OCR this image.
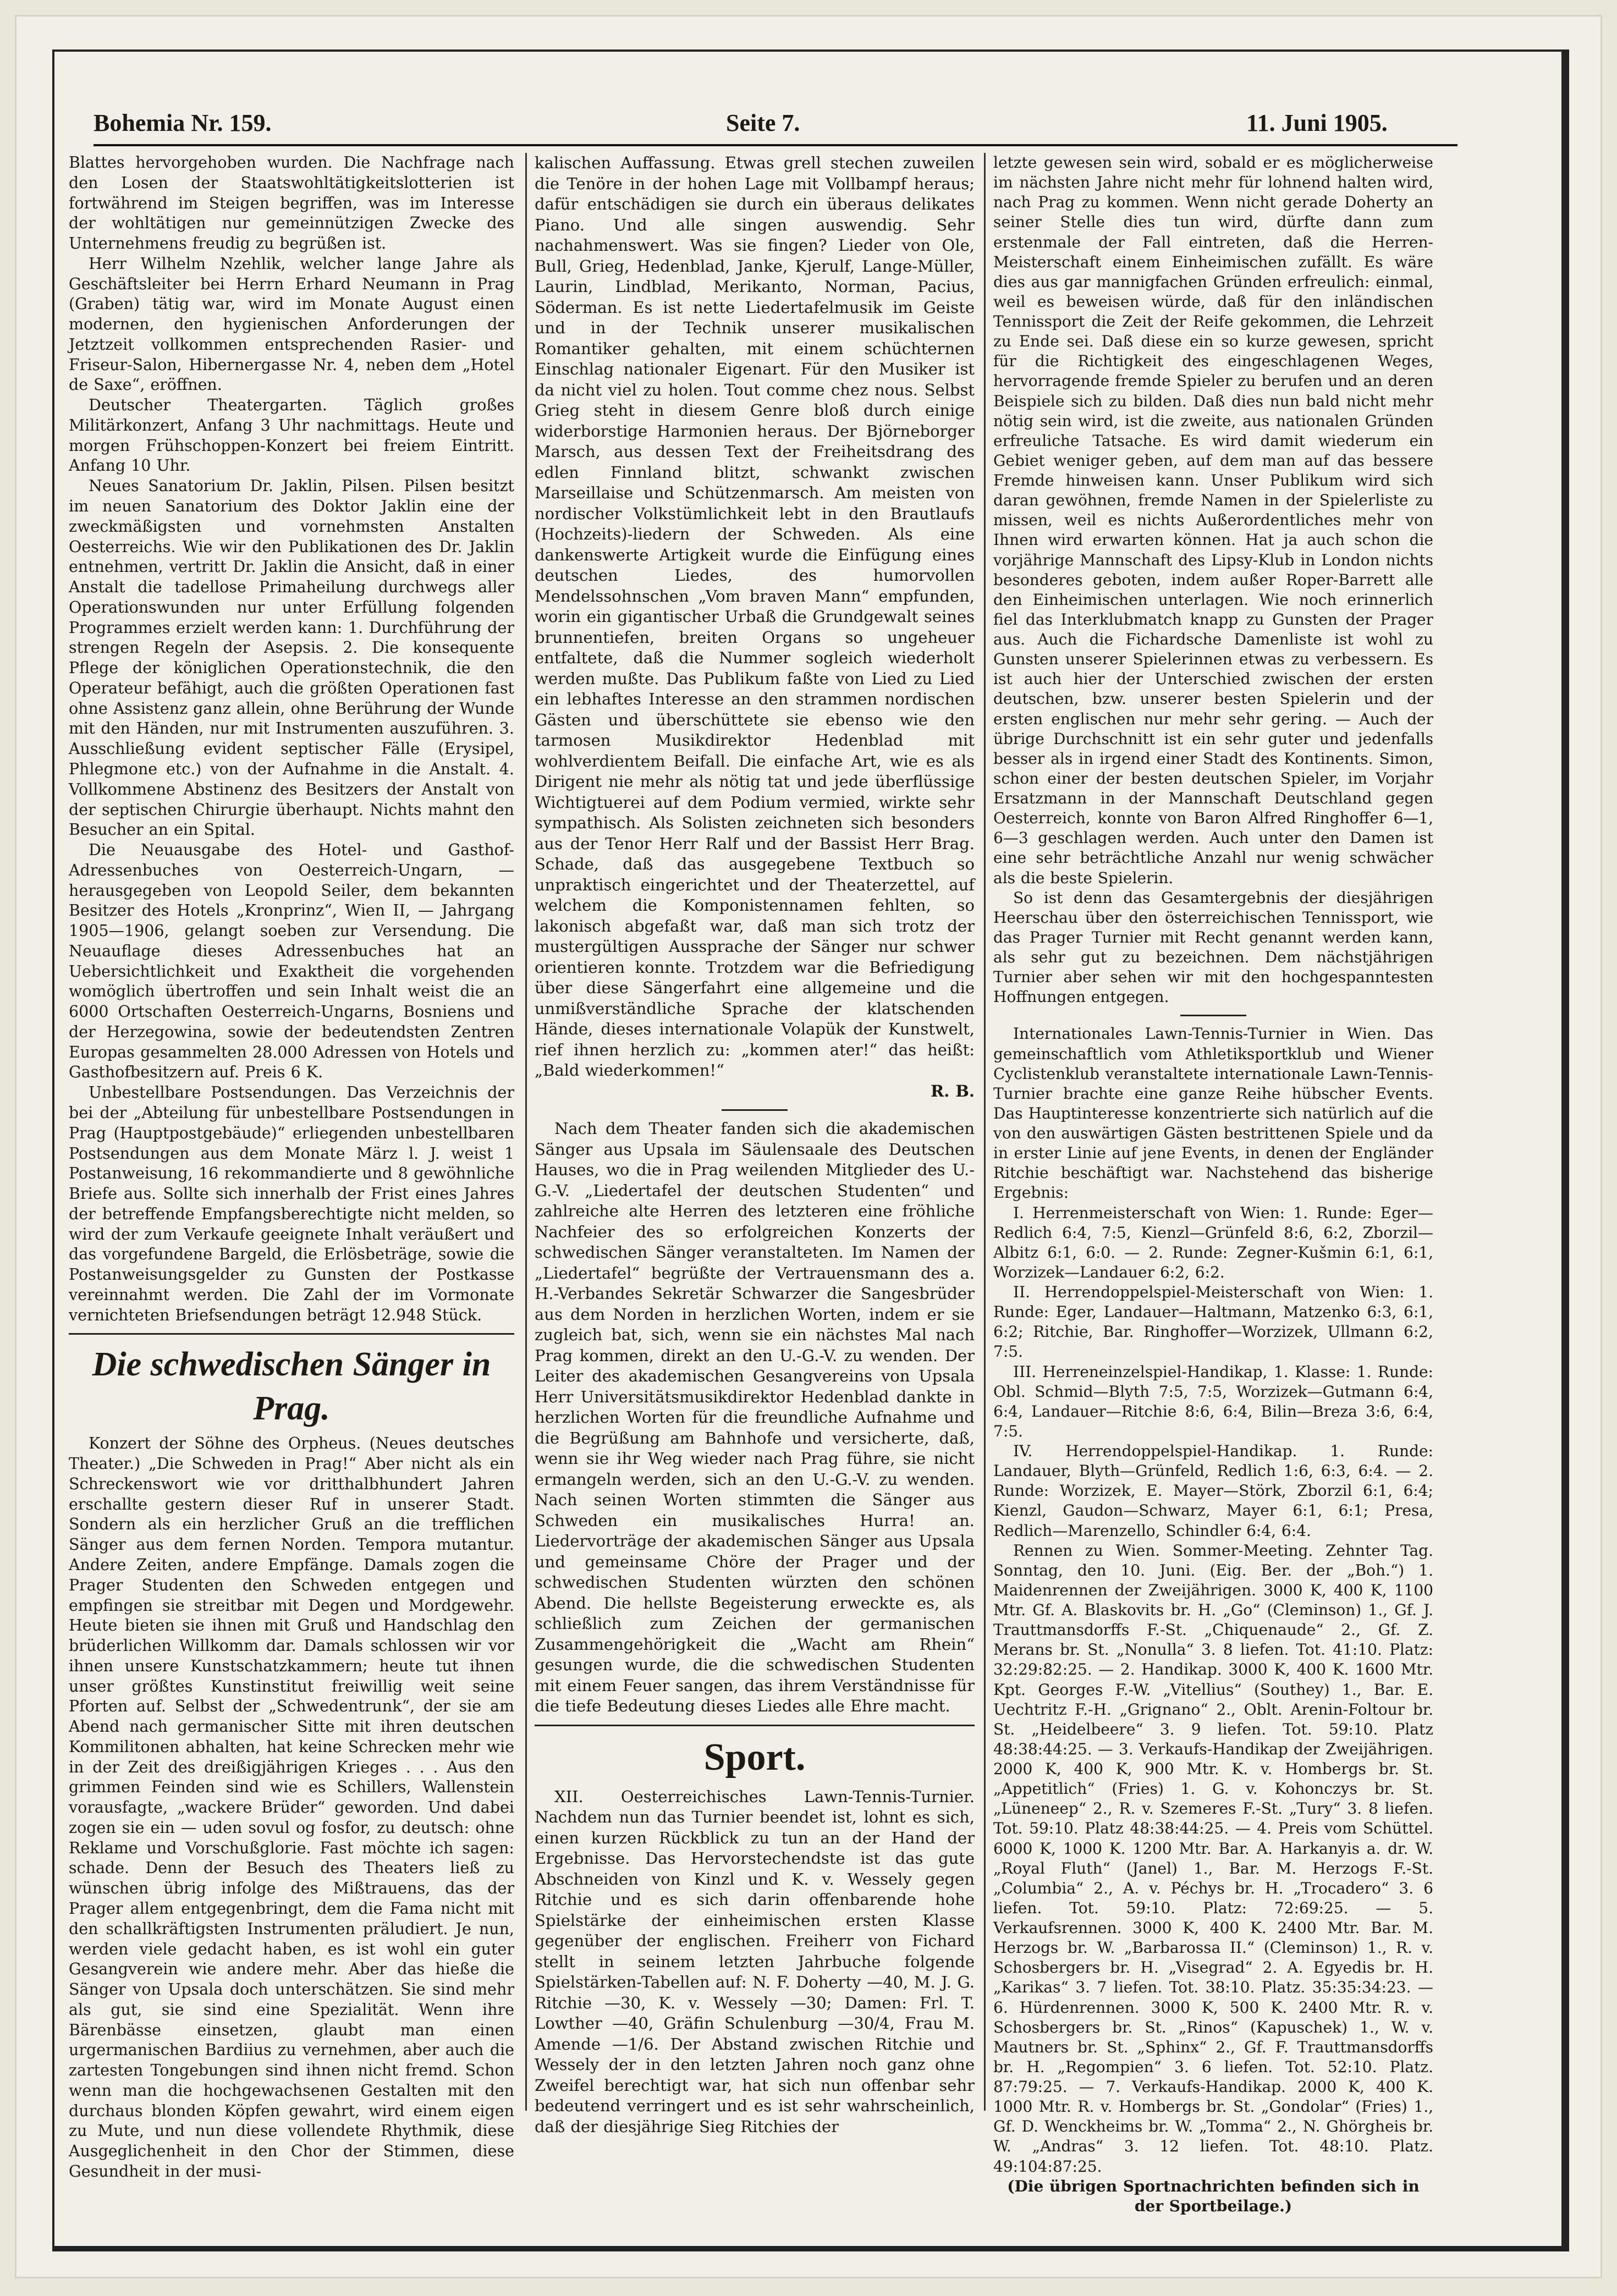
Bohemia Nr. 159.	Seite 7.	11. Juni 1905.

Blattes hervorgehoben wurden. Die Nachfrage nach den Losen der Staatswohltätigkeitslotterien ist fortwährend im Steigen begriffen, was im Interesse der wohltätigen nur gemeinnützigen Zwecke des Unternehmens freudig zu begrüßen ist.

Herr Wilhelm Nzehlik, welcher lange Jahre als Geschäftsleiter bei Herrn Erhard Neumann in Prag (Graben) tätig war, wird im Monate August einen modernen, den hygienischen Anforderungen der Jetztzeit vollkommen entsprechenden Rasier- und Friseur-Salon, Hibernergasse Nr. 4, neben dem „Hotel de Saxe“, eröffnen.

Deutscher Theatergarten. Täglich großes Militärkonzert, Anfang 3 Uhr nachmittags. Heute und morgen Frühschoppen-Konzert bei freiem Eintritt. Anfang 10 Uhr.

Neues Sanatorium Dr. Jaklin, Pilsen. Pilsen besitzt im neuen Sanatorium des Doktor Jaklin eine der zweckmäßigsten und vornehmsten Anstalten Oesterreichs. Wie wir den Publikationen des Dr. Jaklin entnehmen, vertritt Dr. Jaklin die Ansicht, daß in einer Anstalt die tadellose Primaheilung durchwegs aller Operationswunden nur unter Erfüllung folgenden Programmes erzielt werden kann: 1. Durchführung der strengen Regeln der Asepsis. 2. Die konsequente Pflege der königlichen Operationstechnik, die den Operateur befähigt, auch die größten Operationen fast ohne Assistenz ganz allein, ohne Berührung der Wunde mit den Händen, nur mit Instrumenten auszuführen. 3. Ausschließung evident septischer Fälle (Erysipel, Phlegmone etc.) von der Aufnahme in die Anstalt. 4. Vollkommene Abstinenz des Besitzers der Anstalt von der septischen Chirurgie überhaupt. Nichts mahnt den Besucher an ein Spital.

Die Neuausgabe des Hotel- und Gasthof-Adressenbuches von Oesterreich-Ungarn, — herausgegeben von Leopold Seiler, dem bekannten Besitzer des Hotels „Kronprinz“, Wien II, — Jahrgang 1905—1906, gelangt soeben zur Versendung. Die Neuauflage dieses Adressenbuches hat an Uebersichtlichkeit und Exaktheit die vorgehenden womöglich übertroffen und sein Inhalt weist die an 6000 Ortschaften Oesterreich-Ungarns, Bosniens und der Herzegowina, sowie der bedeutendsten Zentren Europas gesammelten 28.000 Adressen von Hotels und Gasthofbesitzern auf. Preis 6 K.

Unbestellbare Postsendungen. Das Verzeichnis der bei der „Abteilung für unbestellbare Postsendungen in Prag (Hauptpostgebäude)“ erliegenden unbestellbaren Postsendungen aus dem Monate März l. J. weist 1 Postanweisung, 16 rekommandierte und 8 gewöhnliche Briefe aus. Sollte sich innerhalb der Frist eines Jahres der betreffende Empfangsberechtigte nicht melden, so wird der zum Verkaufe geeignete Inhalt veräußert und das vorgefundene Bargeld, die Erlösbeträge, sowie die Postanweisungsgelder zu Gunsten der Postkasse vereinnahmt werden. Die Zahl der im Vormonate vernichteten Briefsendungen beträgt 12.948 Stück.

Die schwedischen Sänger in Prag.

Konzert der Söhne des Orpheus. (Neues deutsches Theater.) „Die Schweden in Prag!“ Aber nicht als ein Schreckenswort wie vor dritthalbhundert Jahren erschallte gestern dieser Ruf in unserer Stadt. Sondern als ein herzlicher Gruß an die trefflichen Sänger aus dem fernen Norden. Tempora mutantur. Andere Zeiten, andere Empfänge. Damals zogen die Prager Studenten den Schweden entgegen und empfingen sie streitbar mit Degen und Mordgewehr. Heute bieten sie ihnen mit Gruß und Handschlag den brüderlichen Willkomm dar. Damals schlossen wir vor ihnen unsere Kunstschatzkammern; heute tut ihnen unser größtes Kunstinstitut freiwillig weit seine Pforten auf. Selbst der „Schwedentrunk“, der sie am Abend nach germanischer Sitte mit ihren deutschen Kommilitonen abhalten, hat keine Schrecken mehr wie in der Zeit des dreißigjährigen Krieges . . . Aus den grimmen Feinden sind wie es Schillers, Wallenstein vorausfagte, „wackere Brüder“ geworden. Und dabei zogen sie ein — uden sovul og fosfor, zu deutsch: ohne Reklame und Vorschußglorie. Fast möchte ich sagen: schade. Denn der Besuch des Theaters ließ zu wünschen übrig infolge des Mißtrauens, das der Prager allem entgegenbringt, dem die Fama nicht mit den schallkräftigsten Instrumenten präludiert. Je nun, werden viele gedacht haben, es ist wohl ein guter Gesangverein wie andere mehr. Aber das hieße die Sänger von Upsala doch unterschätzen. Sie sind mehr als gut, sie sind eine Spezialität. Wenn ihre Bärenbässe einsetzen, glaubt man einen urgermanischen Bardiius zu vernehmen, aber auch die zartesten Tongebungen sind ihnen nicht fremd. Schon wenn man die hochgewachsenen Gestalten mit den durchaus blonden Köpfen gewahrt, wird einem eigen zu Mute, und nun diese vollendete Rhythmik, diese Ausgeglichenheit in den Chor der Stimmen, diese Gesundheit in der musi-

kalischen Auffassung. Etwas grell stechen zuweilen die Tenöre in der hohen Lage mit Vollbampf heraus; dafür entschädigen sie durch ein überaus delikates Piano. Und alle singen auswendig. Sehr nachahmenswert. Was sie fingen? Lieder von Ole, Bull, Grieg, Hedenblad, Janke, Kjerulf, Lange-Müller, Laurin, Lindblad, Merikanto, Norman, Pacius, Söderman. Es ist nette Liedertafelmusik im Geiste und in der Technik unserer musikalischen Romantiker gehalten, mit einem schüchternen Einschlag nationaler Eigenart. Für den Musiker ist da nicht viel zu holen. Tout comme chez nous. Selbst Grieg steht in diesem Genre bloß durch einige widerborstige Harmonien heraus. Der Björneborger Marsch, aus dessen Text der Freiheitsdrang des edlen Finnland blitzt, schwankt zwischen Marseillaise und Schützenmarsch. Am meisten von nordischer Volkstümlichkeit lebt in den Brautlaufs (Hochzeits)-liedern der Schweden. Als eine dankenswerte Artigkeit wurde die Einfügung eines deutschen Liedes, des humorvollen Mendelssohnschen „Vom braven Mann“ empfunden, worin ein gigantischer Urbaß die Grundgewalt seines brunnentiefen, breiten Organs so ungeheuer entfaltete, daß die Nummer sogleich wiederholt werden mußte. Das Publikum faßte von Lied zu Lied ein lebhaftes Interesse an den strammen nordischen Gästen und überschüttete sie ebenso wie den tarmosen Musikdirektor Hedenblad mit wohlverdientem Beifall. Die einfache Art, wie es als Dirigent nie mehr als nötig tat und jede überflüssige Wichtigtuerei auf dem Podium vermied, wirkte sehr sympathisch. Als Solisten zeichneten sich besonders aus der Tenor Herr Ralf und der Bassist Herr Brag. Schade, daß das ausgegebene Textbuch so unpraktisch eingerichtet und der Theaterzettel, auf welchem die Komponistennamen fehlten, so lakonisch abgefaßt war, daß man sich trotz der mustergültigen Aussprache der Sänger nur schwer orientieren konnte. Trotzdem war die Befriedigung über diese Sängerfahrt eine allgemeine und die unmißverständliche Sprache der klatschenden Hände, dieses internationale Volapük der Kunstwelt, rief ihnen herzlich zu: „kommen ater!“ das heißt: „Bald wiederkommen!“

R. B.

Nach dem Theater fanden sich die akademischen Sänger aus Upsala im Säulensaale des Deutschen Hauses, wo die in Prag weilenden Mitglieder des U.-G.-V. „Liedertafel der deutschen Studenten“ und zahlreiche alte Herren des letzteren eine fröhliche Nachfeier des so erfolgreichen Konzerts der schwedischen Sänger veranstalteten. Im Namen der „Liedertafel“ begrüßte der Vertrauensmann des a. H.-Verbandes Sekretär Schwarzer die Sangesbrüder aus dem Norden in herzlichen Worten, indem er sie zugleich bat, sich, wenn sie ein nächstes Mal nach Prag kommen, direkt an den U.-G.-V. zu wenden. Der Leiter des akademischen Gesangvereins von Upsala Herr Universitätsmusikdirektor Hedenblad dankte in herzlichen Worten für die freundliche Aufnahme und die Begrüßung am Bahnhofe und versicherte, daß, wenn sie ihr Weg wieder nach Prag führe, sie nicht ermangeln werden, sich an den U.-G.-V. zu wenden. Nach seinen Worten stimmten die Sänger aus Schweden ein musikalisches Hurra! an. Liedervorträge der akademischen Sänger aus Upsala und gemeinsame Chöre der Prager und der schwedischen Studenten würzten den schönen Abend. Die hellste Begeisterung erweckte es, als schließlich zum Zeichen der germanischen Zusammengehörigkeit die „Wacht am Rhein“ gesungen wurde, die die schwedischen Studenten mit einem Feuer sangen, das ihrem Verständnisse für die tiefe Bedeutung dieses Liedes alle Ehre macht.

Sport.

XII. Oesterreichisches Lawn-Tennis-Turnier. Nachdem nun das Turnier beendet ist, lohnt es sich, einen kurzen Rückblick zu tun an der Hand der Ergebnisse. Das Hervorstechendste ist das gute Abschneiden von Kinzl und K. v. Wessely gegen Ritchie und es sich darin offenbarende hohe Spielstärke der einheimischen ersten Klasse gegenüber der englischen. Freiherr von Fichard stellt in seinem letzten Jahrbuche folgende Spielstärken-Tabellen auf: N. F. Doherty —40, M. J. G. Ritchie —30, K. v. Wessely —30; Damen: Frl. T. Lowther —40, Gräfin Schulenburg —30/4, Frau M. Amende —1/6. Der Abstand zwischen Ritchie und Wessely der in den letzten Jahren noch ganz ohne Zweifel berechtigt war, hat sich nun offenbar sehr bedeutend verringert und es ist sehr wahrscheinlich, daß der diesjährige Sieg Ritchies der

letzte gewesen sein wird, sobald er es möglicherweise im nächsten Jahre nicht mehr für lohnend halten wird, nach Prag zu kommen. Wenn nicht gerade Doherty an seiner Stelle dies tun wird, dürfte dann zum erstenmale der Fall eintreten, daß die Herren-Meisterschaft einem Einheimischen zufällt. Es wäre dies aus gar mannigfachen Gründen erfreulich: einmal, weil es beweisen würde, daß für den inländischen Tennissport die Zeit der Reife gekommen, die Lehrzeit zu Ende sei. Daß diese ein so kurze gewesen, spricht für die Richtigkeit des eingeschlagenen Weges, hervorragende fremde Spieler zu berufen und an deren Beispiele sich zu bilden. Daß dies nun bald nicht mehr nötig sein wird, ist die zweite, aus nationalen Gründen erfreuliche Tatsache. Es wird damit wiederum ein Gebiet weniger geben, auf dem man auf das bessere Fremde hinweisen kann. Unser Publikum wird sich daran gewöhnen, fremde Namen in der Spielerliste zu missen, weil es nichts Außerordentliches mehr von Ihnen wird erwarten können. Hat ja auch schon die vorjährige Mannschaft des Lipsy-Klub in London nichts besonderes geboten, indem außer Roper-Barrett alle den Einheimischen unterlagen. Wie noch erinnerlich fiel das Interklubmatch knapp zu Gunsten der Prager aus. Auch die Fichardsche Damenliste ist wohl zu Gunsten unserer Spielerinnen etwas zu verbessern. Es ist auch hier der Unterschied zwischen der ersten deutschen, bzw. unserer besten Spielerin und der ersten englischen nur mehr sehr gering. — Auch der übrige Durchschnitt ist ein sehr guter und jedenfalls besser als in irgend einer Stadt des Kontinents. Simon, schon einer der besten deutschen Spieler, im Vorjahr Ersatzmann in der Mannschaft Deutschland gegen Oesterreich, konnte von Baron Alfred Ringhoffer 6—1, 6—3 geschlagen werden. Auch unter den Damen ist eine sehr beträchtliche Anzahl nur wenig schwächer als die beste Spielerin.

So ist denn das Gesamtergebnis der diesjährigen Heerschau über den österreichischen Tennissport, wie das Prager Turnier mit Recht genannt werden kann, als sehr gut zu bezeichnen. Dem nächstjährigen Turnier aber sehen wir mit den hochgespanntesten Hoffnungen entgegen.

Internationales Lawn-Tennis-Turnier in Wien. Das gemeinschaftlich vom Athletiksportklub und Wiener Cyclistenklub veranstaltete internationale Lawn-Tennis-Turnier brachte eine ganze Reihe hübscher Events. Das Hauptinteresse konzentrierte sich natürlich auf die von den auswärtigen Gästen bestrittenen Spiele und da in erster Linie auf jene Events, in denen der Engländer Ritchie beschäftigt war. Nachstehend das bisherige Ergebnis:

I. Herrenmeisterschaft von Wien: 1. Runde: Eger—Redlich 6:4, 7:5, Kienzl—Grünfeld 8:6, 6:2, Zborzil—Albitz 6:1, 6:0. — 2. Runde: Zegner-Kušmin 6:1, 6:1, Worzizek—Landauer 6:2, 6:2.

II. Herrendoppelspiel-Meisterschaft von Wien: 1. Runde: Eger, Landauer—Haltmann, Matzenko 6:3, 6:1, 6:2; Ritchie, Bar. Ringhoffer—Worzizek, Ullmann 6:2, 7:5.

III. Herreneinzelspiel-Handikap, 1. Klasse: 1. Runde: Obl. Schmid—Blyth 7:5, 7:5, Worzizek—Gutmann 6:4, 6:4, Landauer—Ritchie 8:6, 6:4, Bilin—Breza 3:6, 6:4, 7:5.

IV. Herrendoppelspiel-Handikap. 1. Runde: Landauer, Blyth—Grünfeld, Redlich 1:6, 6:3, 6:4. — 2. Runde: Worzizek, E. Mayer—Störk, Zborzil 6:1, 6:4; Kienzl, Gaudon—Schwarz, Mayer 6:1, 6:1; Presa, Redlich—Marenzello, Schindler 6:4, 6:4.

Rennen zu Wien. Sommer-Meeting. Zehnter Tag. Sonntag, den 10. Juni. (Eig. Ber. der „Boh.“) 1. Maidenrennen der Zweijährigen. 3000 K, 400 K, 1100 Mtr. Gf. A. Blaskovits br. H. „Go“ (Cleminson) 1., Gf. J. Trauttmansdorffs F.-St. „Chiquenaude“ 2., Gf. Z. Merans br. St. „Nonulla“ 3. 8 liefen. Tot. 41:10. Platz: 32:29:82:25. — 2. Handikap. 3000 K, 400 K. 1600 Mtr. Kpt. Georges F.-W. „Vitellius“ (Southey) 1., Bar. E. Uechtritz F.-H. „Grignano“ 2., Oblt. Arenin-Foltour br. St. „Heidelbeere“ 3. 9 liefen. Tot. 59:10. Platz 48:38:44:25. — 3. Verkaufs-Handikap der Zweijährigen. 2000 K, 400 K, 900 Mtr. K. v. Hombergs br. St. „Appetitlich“ (Fries) 1. G. v. Kohonczys br. St. „Lüneneep“ 2., R. v. Szemeres F.-St. „Tury“ 3. 8 liefen. Tot. 59:10. Platz 48:38:44:25. — 4. Preis vom Schüttel. 6000 K, 1000 K. 1200 Mtr. Bar. A. Harkanyis a. dr. W. „Royal Fluth“ (Janel) 1., Bar. M. Herzogs F.-St. „Columbia“ 2., A. v. Péchys br. H. „Trocadero“ 3. 6 liefen. Tot. 59:10. Platz: 72:69:25. — 5. Verkaufsrennen. 3000 K, 400 K. 2400 Mtr. Bar. M. Herzogs br. W. „Barbarossa II.“ (Cleminson) 1., R. v. Schosbergers br. H. „Visegrad“ 2. A. Egyedis br. H. „Karikas“ 3. 7 liefen. Tot. 38:10. Platz. 35:35:34:23. — 6. Hürdenrennen. 3000 K, 500 K. 2400 Mtr. R. v. Schosbergers br. St. „Rinos“ (Kapuschek) 1., W. v. Mautners br. St. „Sphinx“ 2., Gf. F. Trauttmansdorffs br. H. „Regompien“ 3. 6 liefen. Tot. 52:10. Platz. 87:79:25. — 7. Verkaufs-Handikap. 2000 K, 400 K. 1000 Mtr. R. v. Hombergs br. St. „Gondolar“ (Fries) 1., Gf. D. Wenckheims br. W. „Tomma“ 2., N. Ghörgheis br. W. „Andras“ 3. 12 liefen. Tot. 48:10. Platz. 49:104:87:25.

(Die übrigen Sportnachrichten befinden sich in der Sportbeilage.)
